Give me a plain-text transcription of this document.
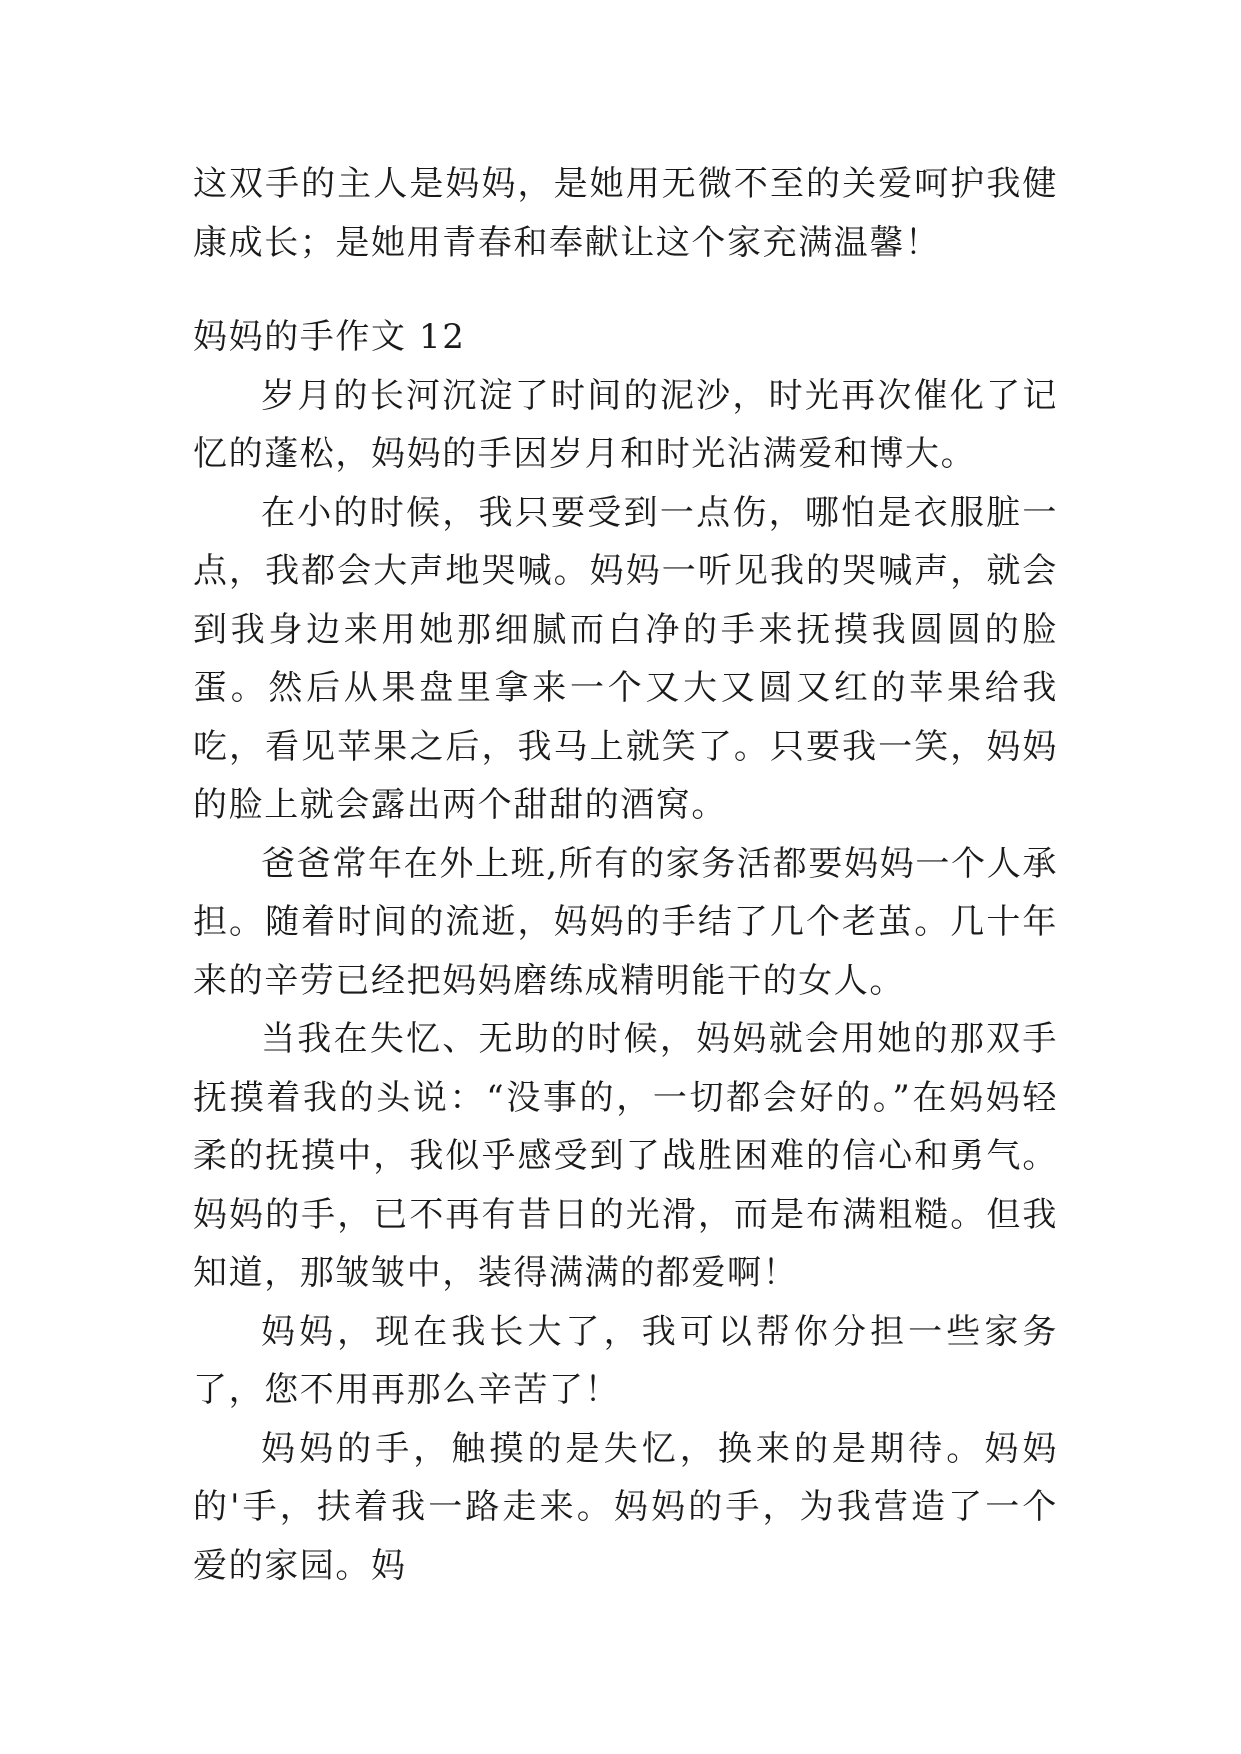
这双手的主人是妈妈，是她用无微不至的关爱呵护我健康成长；是她用青春和奉献让这个家充满温馨！

妈妈的手作文 12

岁月的长河沉淀了时间的泥沙，时光再次催化了记忆的蓬松，妈妈的手因岁月和时光沾满爱和博大。

在小的时候，我只要受到一点伤，哪怕是衣服脏一点，我都会大声地哭喊。妈妈一听见我的哭喊声，就会到我身边来用她那细腻而白净的手来抚摸我圆圆的脸蛋。然后从果盘里拿来一个又大又圆又红的苹果给我吃，看见苹果之后，我马上就笑了。只要我一笑，妈妈的脸上就会露出两个甜甜的酒窝。

爸爸常年在外上班,所有的家务活都要妈妈一个人承担。随着时间的流逝，妈妈的手结了几个老茧。几十年来的辛劳已经把妈妈磨练成精明能干的女人。

当我在失忆、无助的时候，妈妈就会用她的那双手抚摸着我的头说：“没事的，一切都会好的。”在妈妈轻柔的抚摸中，我似乎感受到了战胜困难的信心和勇气。妈妈的手，已不再有昔日的光滑，而是布满粗糙。但我知道，那皱皱中，装得满满的都爱啊！

妈妈，现在我长大了，我可以帮你分担一些家务了，您不用再那么辛苦了！

妈妈的手，触摸的是失忆，换来的是期待。妈妈的'手，扶着我一路走来。妈妈的手，为我营造了一个爱的家园。妈
